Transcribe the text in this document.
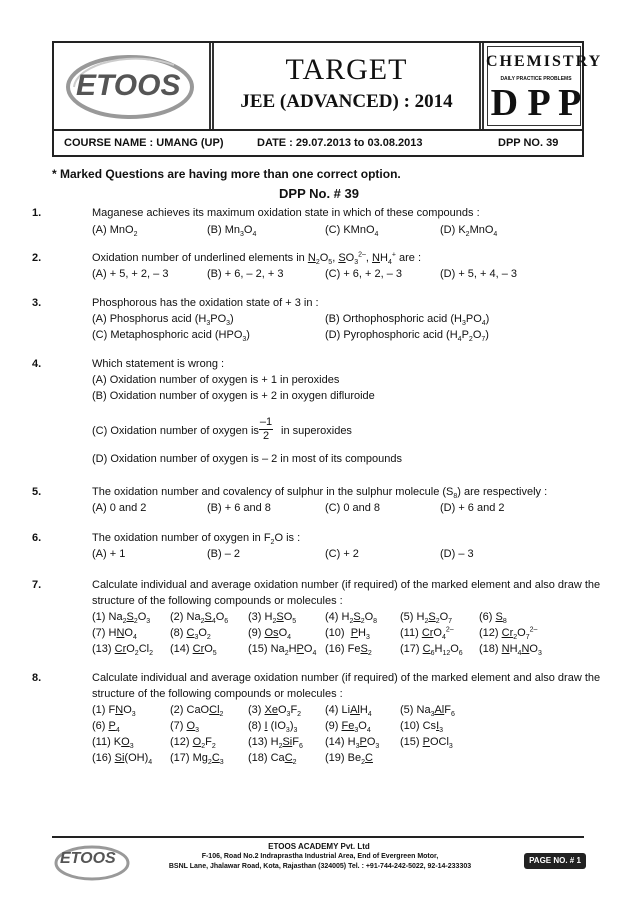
ETOOS	TARGET
JEE (ADVANCED) : 2014
CHEMISTRY
DAILY PRACTICE PROBLEMS
D P P
COURSE NAME : UMANG (UP)	DATE : 29.07.2013 to 03.08.2013	DPP NO. 39
* Marked Questions are having more than one correct option.
DPP No. # 39
1.	Maganese achieves its maximum oxidation state in which of these compounds :
(A) MnO$_2$	(B) $Mn_3O_4$	(C) KMnO$_4$	(D) $K_2MnO_4$
2.	Oxidation number of underlined elements in $N_2O_5$, $SO_3^{2-}$, $NH_4^+$ are :
(A) + 5, + 2, – 3	(B) + 6, – 2, + 3	(C) + 6, + 2, – 3	(D) + 5, + 4, – 3
3.	Phosphorous has the oxidation state of + 3 in :
(A) Phosphorus acid $(H_3PO_3)$	(B) Orthophosphoric acid $(H_3PO_4)$
(C) Metaphosphoric acid $(HPO_3)$	(D) Pyrophosphoric acid $(H_4P_2O_7)$
4.	Which statement is wrong :
(A) Oxidation number of oxygen is + 1 in peroxides
(B) Oxidation number of oxygen is + 2 in oxygen difluroide
(C) Oxidation number of oxygen is
–1
2	in superoxides
(D) Oxidation number of oxygen is – 2 in most of its compounds
5.	The oxidation number and covalency of sulphur in the sulphur molecule $(S_8)$ are respectively :
(A) 0 and 2	(B) + 6 and 8	(C) 0 and 8	(D) + 6 and 2
6.	The oxidation number of oxygen in $F_2O$ is :
(A) + 1	(B) – 2	(C) + 2	(D) – 3
7.	Calculate individual and average oxidation number (if required) of the marked element and also draw the
structure of the following compounds or molecules :
(1) $Na_2S_2O_3$ (2) $Na_2S_4O_6$ (3) $H_2SO_5$	(4) $H_2S_2O_8$ (5) $H_2S_2O_7$ (6) $S_8$
(7) $HNO_4$	(8) $C_3O_2$	(9) OsO$_4$	(10)  $PH_3$	(11) CrO$_4^{2-}$ (12) $Cr_2O_7^{2-}$
(13) $CrO_2Cl_2$ (14) CrO$_5$	(15) $Na_2HPO_4$ (16) FeS$_2$	(17) $C_6H_{12}O_6$ (18) $NH_4NO_3$
8.	Calculate individual and average oxidation number (if required) of the marked element and also draw the
structure of the following compounds or molecules :
(1) $FNO_3$	(2) CaOCl$_2$ (3) $XeO_3F_2$ (4) LiAlH$_4$	(5) $Na_3AlF_6$
(6) $P_4$	(7) $O_3$	(8) I $(IO_3)_3$	(9) $Fe_3O_4$	(10) CsI$_3$
(11) $KO_3$	(12) $O_2F_2$	(13) $H_2SiF_6$ (14) $H_3PO_3$ (15) POCl$_3$
(16) $Si(OH)_4$ (17) $Mg_2C_3$ (18) CaC$_2$	(19) $Be_2C$
ETOOS
ETOOS ACADEMY Pvt. Ltd
F-106, Road No.2 Indraprastha Industrial Area, End of Evergreen Motor,
BSNL Lane, Jhalawar Road, Kota, Rajasthan (324005) Tel. : +91-744-242-5022, 92-14-233303
PAGE NO. # 1
